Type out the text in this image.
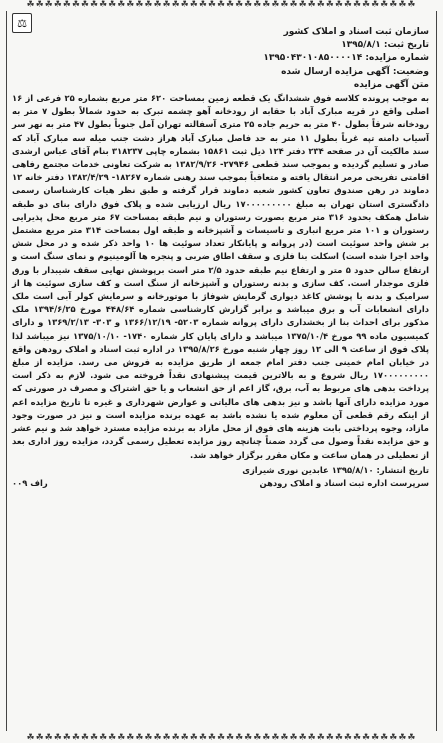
☘☘☘☘☘☘☘☘☘☘☘☘☘☘☘☘☘☘☘☘☘☘☘☘☘☘☘☘☘☘☘☘☘☘☘☘☘☘☘☘☘☘☘
⚖
سازمان ثبت اسناد و املاک کشور
تاریخ ثبت: ۱۳۹۵/۸/۱
شماره مزایده: ۱۳۹۵۰۴۳۰۱۰۸۵۰۰۰۰۱۴
وضعیت: آگهی مزایده ارسال شده
متن آگهی مزایده
به موجب پرونده کلاسه فوق ششدانگ یک قطعه زمین بمساحت ۶۲۰ متر مربع بشماره ۲۵ فرعی از ۱۶ اصلی واقع در قریه مبارک آباد با حقابه از رودخانه آهو چشمه تبرک به حدود شمالاً بطول ۷ متر به رودخانه شرقاً بطول ۴۰ متر به حریم جاده ۲۵ متری آسفالته تهران آمل جنوباً بطول ۴۷ متر به نهر سر آسیاب دامنه تپه غرباً بطول ۱۱ متر به حد فاصل مبارک آباد هراز دشت جنب میله سه مبارک آباد که سند مالکیت آن در صفحه ۲۳۴ دفتر ۱۲۴ ذیل ثبت ۱۵۸۶۱ بشماره چاپی ۳۱۸۲۳۷ بنام آقای عباس ارشدی صادر و تسلیم گردیده و بموجب سند قطعی ۲۷۹۴۶- ۱۳۸۲/۹/۲۶ به شرکت تعاونی خدمات مجتمع رفاهی اقامتی تفریحی مرمر انتقال یافته و متعاقباً بموجب سند رهنی شماره ۱۸۲۶۷- ۱۳۸۲/۴/۲۹ دفتر خانه ۱۲ دماوند در رهن صندوق تعاون کشور شعبه دماوند قرار گرفته و طبق نظر هیات کارشناسان رسمی دادگستری استان تهران به مبلغ ۱۷۰۰۰۰۰۰۰۰۰ ریال ارزیابی شده و پلاک فوق دارای بنای دو طبقه شامل همکف بحدود ۳۱۶ متر مربع بصورت رستوران و نیم طبقه بمساحت ۶۷ متر مربع محل پذیرایی رستوران و ۱۰۱ متر مربع انباری و تاسیسات و آشپزخانه و طبقه اول بمساحت ۳۱۴ متر مربع مشتمل بر شش واحد سوئیت است (در پروانه و پایانکار تعداد سوئیت ها ۱۰ واحد ذکر شده و در محل شش واحد اجرا شده است) اسکلت بنا فلزی و سقف اطاق ضربی و پنجره ها آلومینیوم و نمای سنگ است و ارتفاع سالن حدود ۵ متر و ارتفاع نیم طبقه حدود ۲/۵ متر است برپوشش نهایی سقف شیبدار با ورق فلزی موجدار است. کف سازی و بدنه رستوران و آشپزخانه از سنگ است و کف سازی سوئیت ها از سرامیک و بدنه با پوشش کاغذ دیواری گرمایش شوفاژ با موتورخانه و سرمایش کولر آبی است ملک دارای انشعابات آب و برق میباشد و برابر گزارش کارشناسی شماره ۴۴۸/۶۴ مورخ ۱۳۹۴/۶/۲۵ ملک مذکور برای احداث بنا از بخشداری دارای پروانه شماره ۵۲۰۳- ۱۳۶۶/۱۲/۱۹ و ۳۰۳- ۱۳۶۹/۲/۱۳ و دارای کمیسیون ماده ۹۹ مورخ ۱۳۷۵/۱۰/۴ میباشد و دارای پایان کار شماره ۱۷۴۰- ۱۳۷۵/۱۰/۱۰ نیز میباشد لذا پلاک فوق از ساعت ۹ الی ۱۲ روز چهار شنبه مورخ ۱۳۹۵/۸/۲۶ در اداره ثبت اسناد و املاک رودهن واقع در خیابان امام خمینی جنب دفتر امام جمعه از طریق مزایده به فروش می رسد. مزایده از مبلغ ۱۷۰۰۰۰۰۰۰۰۰ ریال شروع و به بالاترین قیمت پیشنهادی نقداً فروخته می شود. لازم به ذکر است پرداخت بدهی های مربوط به آب، برق، گاز اعم از حق انشعاب و یا حق اشتراک و مصرف در صورتی که مورد مزایده دارای آنها باشد و نیز بدهی های مالیاتی و عوارض شهرداری و غیره تا تاریخ مزایده اعم از اینکه رقم قطعی آن معلوم شده یا نشده باشد به عهده برنده مزایده است و نیز در صورت وجود مازاد، وجوه پرداختی بابت هزینه های فوق از محل مازاد به برنده مزایده مسترد خواهد شد و نیم عشر و حق مزایده نقداً وصول می گردد ضمناً چنانچه روز مزایده تعطیل رسمی گردد، مزایده روز اداری بعد از تعطیلی در همان ساعت و مکان مقرر برگزار خواهد شد.
تاریخ انتشار: ۱۳۹۵/۸/۱۰ عابدین نوری شیرازی
سرپرست اداره ثبت اسناد و املاک رودهن
راف ۰۰۹
☘☘☘☘☘☘☘☘☘☘☘☘☘☘☘☘☘☘☘☘☘☘☘☘☘☘☘☘☘☘☘☘☘☘☘☘☘☘☘☘☘☘☘
